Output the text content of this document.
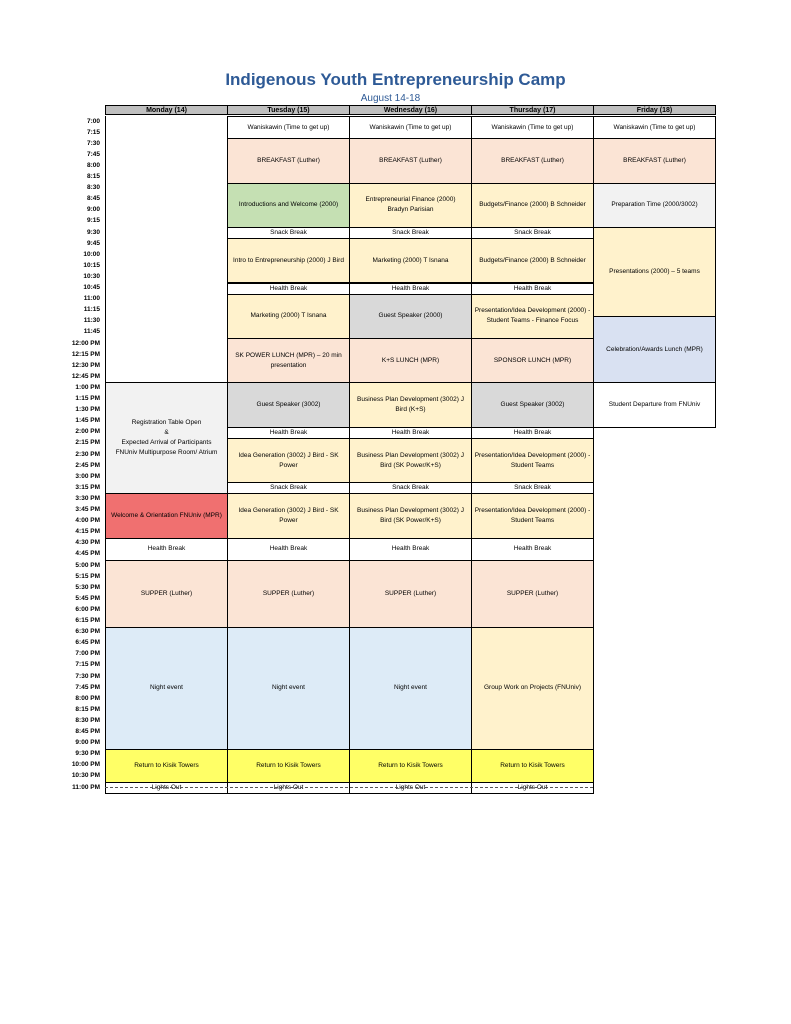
Indigenous Youth Entrepreneurship Camp
August 14-18
7:00
7:15
7:30
7:45
8:00
8:15
8:30
8:45
9:00
9:15
9:30
9:45
10:00
10:15
10:30
10:45
11:00
11:15
11:30
11:45
12:00 PM
12:15 PM
12:30 PM
12:45 PM
1:00 PM
1:15 PM
1:30 PM
1:45 PM
2:00 PM
2:15 PM
2:30 PM
2:45 PM
3:00 PM
3:15 PM
3:30 PM
3:45 PM
4:00 PM
4:15 PM
4:30 PM
4:45 PM
5:00 PM
5:15 PM
5:30 PM
5:45 PM
6:00 PM
6:15 PM
6:30 PM
6:45 PM
7:00 PM
7:15 PM
7:30 PM
7:45 PM
8:00 PM
8:15 PM
8:30 PM
8:45 PM
9:00 PM
9:30 PM
10:00 PM
10:30 PM
11:00 PM
Monday (14)
Registration Table Open
&
Expected Arrival of Participants
FNUniv Multipurpose Room/ Atrium
Welcome & Orientation FNUniv (MPR)
Health Break
SUPPER (Luther)
Night event
Return to Kisik Towers
Lights Out
Tuesday (15)
Waniskawin (Time to get up)
BREAKFAST (Luther)
Introductions and Welcome (2000)
Snack Break
Intro to Entrepreneurship (2000) J Bird
Health Break
Marketing (2000) T Isnana
SK POWER LUNCH (MPR) – 20 min presentation
Guest Speaker (3002)
Health Break
Idea Generation (3002) J Bird - SK Power
Snack Break
Idea Generation (3002) J Bird - SK Power
Health Break
SUPPER (Luther)
Night event
Return to Kisik Towers
Lights Out
Wednesday (16)
Waniskawin (Time to get up)
BREAKFAST (Luther)
Entrepreneurial Finance (2000)
Bradyn Parisian
Snack Break
Marketing (2000) T Isnana
Health Break
Guest Speaker (2000)
K+S LUNCH (MPR)
Business Plan Development (3002) J Bird (K+S)
Health Break
Business Plan Development (3002) J Bird (SK Power/K+S)
Snack Break
Business Plan Development (3002) J Bird (SK Power/K+S)
Health Break
SUPPER (Luther)
Night event
Return to Kisik Towers
Lights Out
Thursday (17)
Waniskawin (Time to get up)
BREAKFAST (Luther)
Budgets/Finance (2000) B Schneider
Snack Break
Budgets/Finance (2000) B Schneider
Health Break
Presentation/Idea Development (2000) - Student Teams - Finance Focus
SPONSOR LUNCH (MPR)
Guest Speaker (3002)
Health Break
Presentation/Idea Development (2000) - Student Teams
Snack Break
Presentation/Idea Development (2000) - Student Teams
Health Break
SUPPER (Luther)
Group Work on Projects (FNUniv)
Return to Kisik Towers
Lights Out
Friday (18)
Waniskawin (Time to get up)
BREAKFAST (Luther)
Preparation Time (2000/3002)
Presentations (2000) – 5 teams
Celebration/Awards Lunch (MPR)
Student Departure from FNUniv
